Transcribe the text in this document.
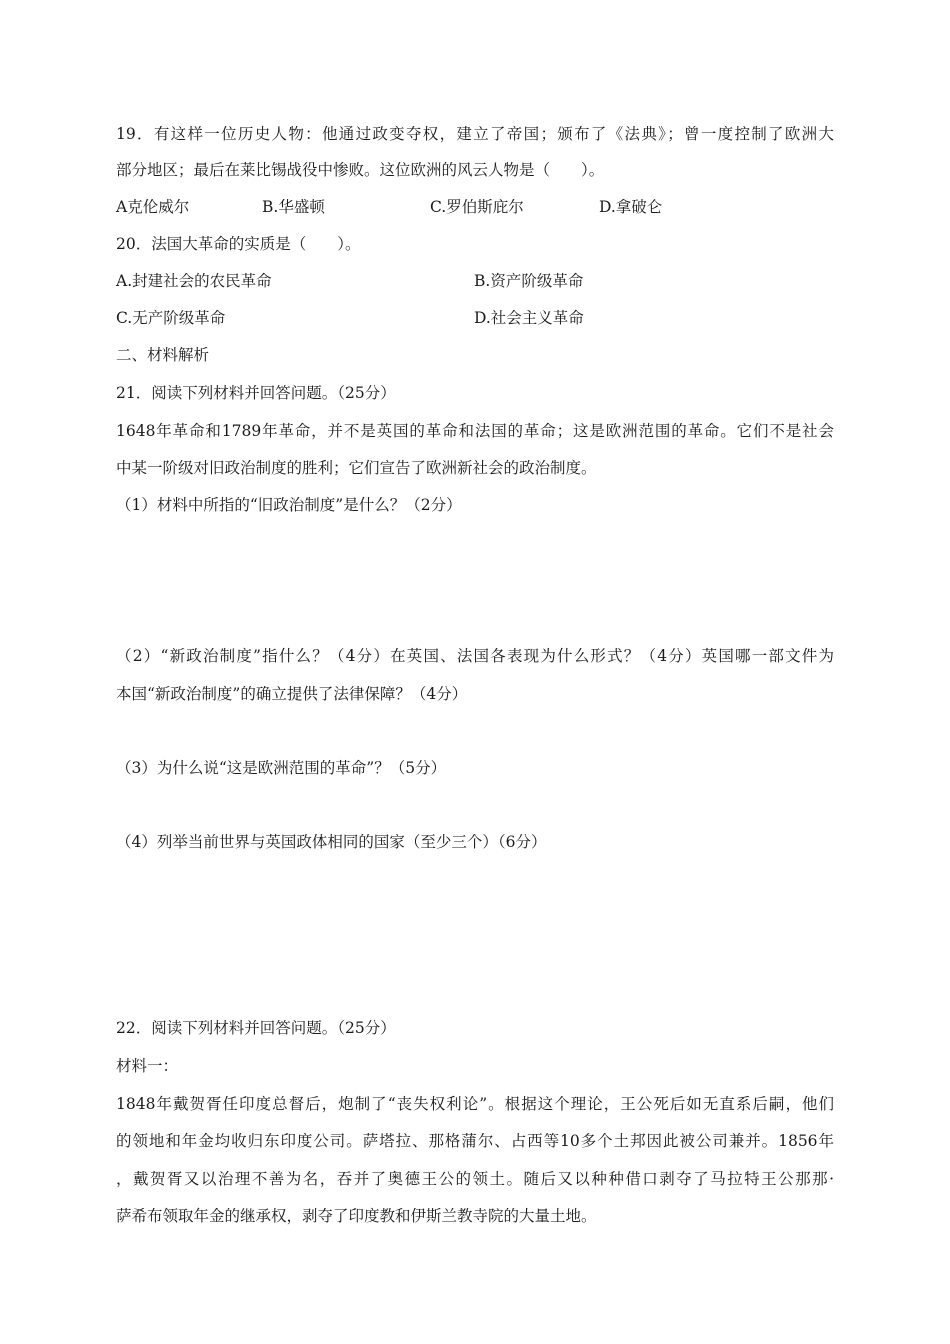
19．有这样一位历史人物：他通过政变夺权，建立了帝国；颁布了《法典》；曾一度控制了欧洲大
部分地区；最后在莱比锡战役中惨败。这位欧洲的风云人物是（　　）。
A克伦威尔	B.华盛顿	C.罗伯斯庇尔	D.拿破仑
20．法国大革命的实质是（　　）。
A.封建社会的农民革命	B.资产阶级革命
C.无产阶级革命	D.社会主义革命
二、材料解析
21．阅读下列材料并回答问题。（25分）
1648年革命和1789年革命，并不是英国的革命和法国的革命；这是欧洲范围的革命。它们不是社会
中某一阶级对旧政治制度的胜利；它们宣告了欧洲新社会的政治制度。
（1）材料中所指的“旧政治制度”是什么？（2分）
（2）“新政治制度”指什么？（4分）在英国、法国各表现为什么形式？（4分）英国哪一部文件为
本国“新政治制度”的确立提供了法律保障？（4分）
（3）为什么说“这是欧洲范围的革命”？（5分）
（4）列举当前世界与英国政体相同的国家（至少三个）（6分）
22．阅读下列材料并回答问题。（25分）
材料一：
1848年戴贺胥任印度总督后，炮制了“丧失权利论”。根据这个理论，王公死后如无直系后嗣，他们
的领地和年金均收归东印度公司。萨塔拉、那格蒲尔、占西等10多个土邦因此被公司兼并。1856年
，戴贺胥又以治理不善为名，吞并了奥德王公的领土。随后又以种种借口剥夺了马拉特王公那那·
萨希布领取年金的继承权，剥夺了印度教和伊斯兰教寺院的大量土地。
